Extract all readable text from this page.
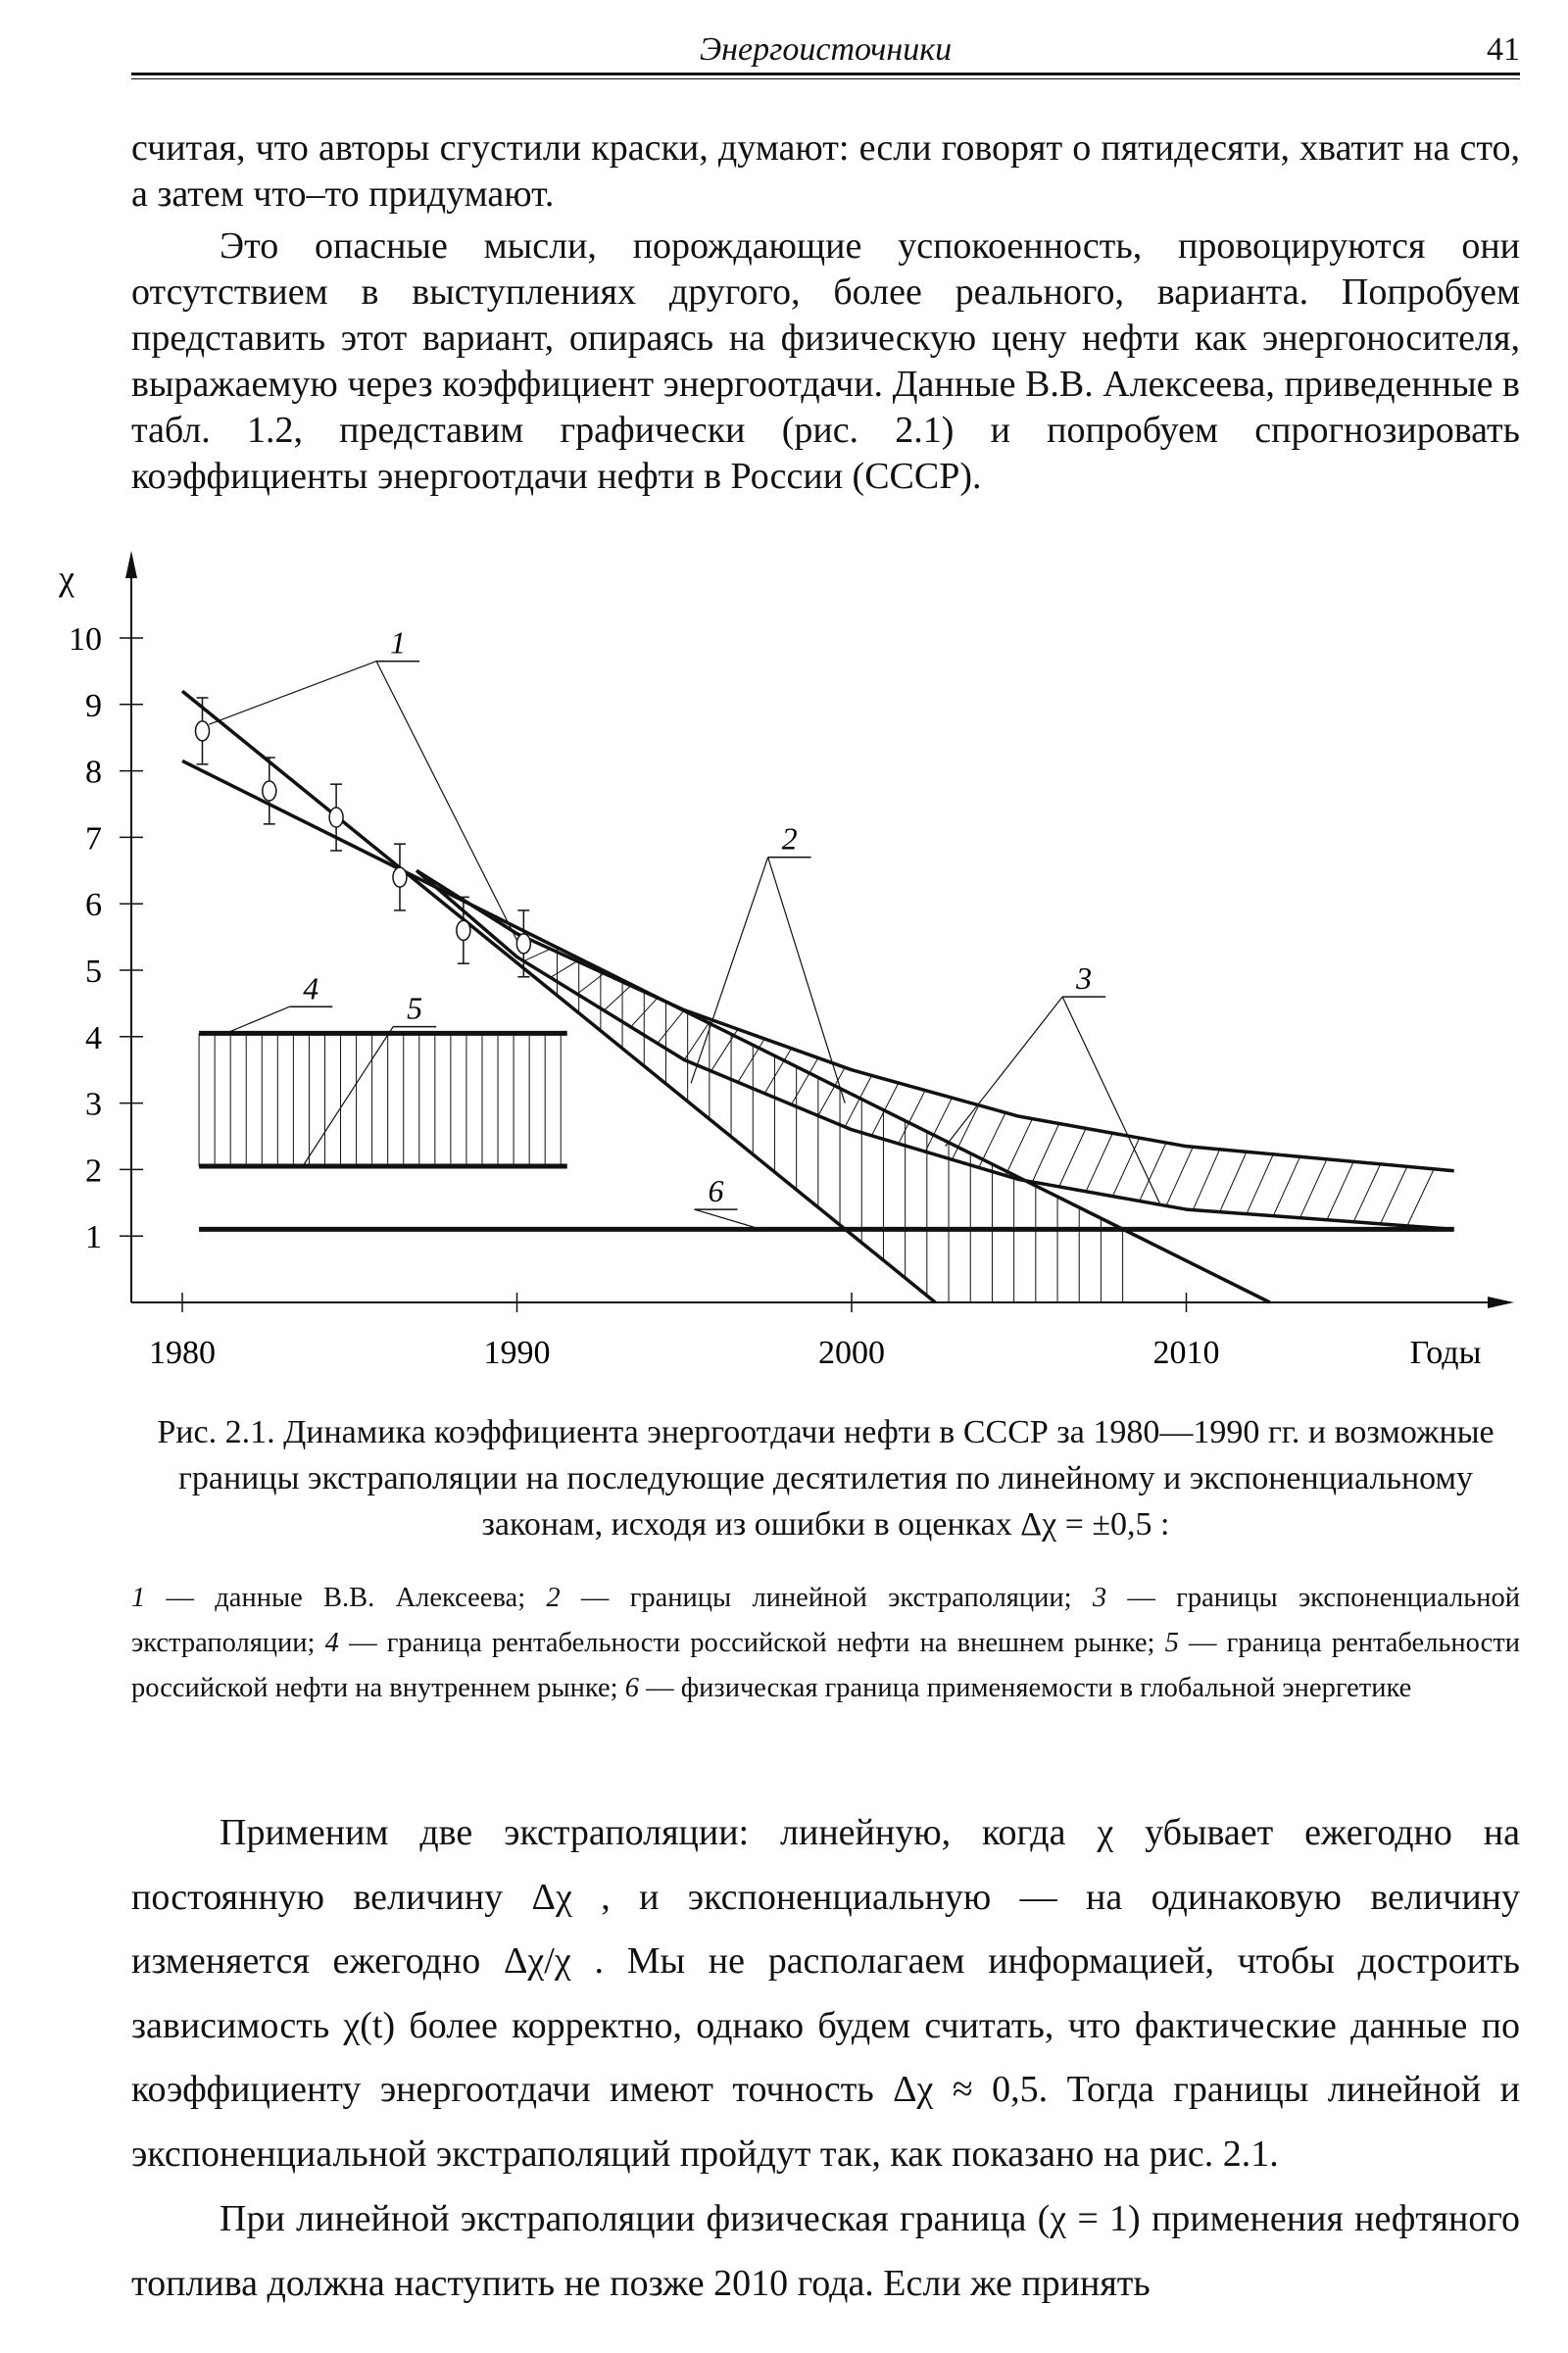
Энергоисточники	41

считая, что авторы сгустили краски, думают: если говорят о пятидесяти, хватит на сто, а затем что–то придумают.

Это опасные мысли, порождающие успокоенность, провоцируются они отсутствием в выступлениях другого, более реального, варианта. Попробуем представить этот вариант, опираясь на физическую цену нефти как энергоносителя, выражаемую через коэффициент энергоотдачи. Данные В.В. Алексеева, приведенные в табл. 1.2, представим графически (рис. 2.1) и попробуем спрогнозировать коэффициенты энергоотдачи нефти в России (СССР).

χ
1
2
3
4
5
6
7
8
9
10
1980	1990	2000	2010	Годы
1
2
3
4
5
6

Рис. 2.1. Динамика коэффициента энергоотдачи нефти в СССР за 1980—1990 гг. и возможные границы экстраполяции на последующие десятилетия по линейному и экспоненциальному законам, исходя из ошибки в оценках Δχ = ±0,5 :

1 — данные В.В. Алексеева; 2 — границы линейной экстраполяции; 3 — границы экспоненциальной экстраполяции; 4 — граница рентабельности российской нефти на внешнем рынке; 5 — граница рентабельности российской нефти на внутреннем рынке; 6 — физическая граница применяемости в глобальной энергетике

Применим две экстраполяции: линейную, когда χ убывает ежегодно на постоянную величину Δχ , и экспоненциальную — на одинаковую величину изменяется ежегодно Δχ/χ . Мы не располагаем информацией, чтобы достроить зависимость χ(t) более корректно, однако будем считать, что фактические данные по коэффициенту энергоотдачи имеют точность Δχ ≈ 0,5. Тогда границы линейной и экспоненциальной экстраполяций пройдут так, как показано на рис. 2.1.

При линейной экстраполяции физическая граница (χ = 1) применения нефтяного топлива должна наступить не позже 2010 года. Если же принять
